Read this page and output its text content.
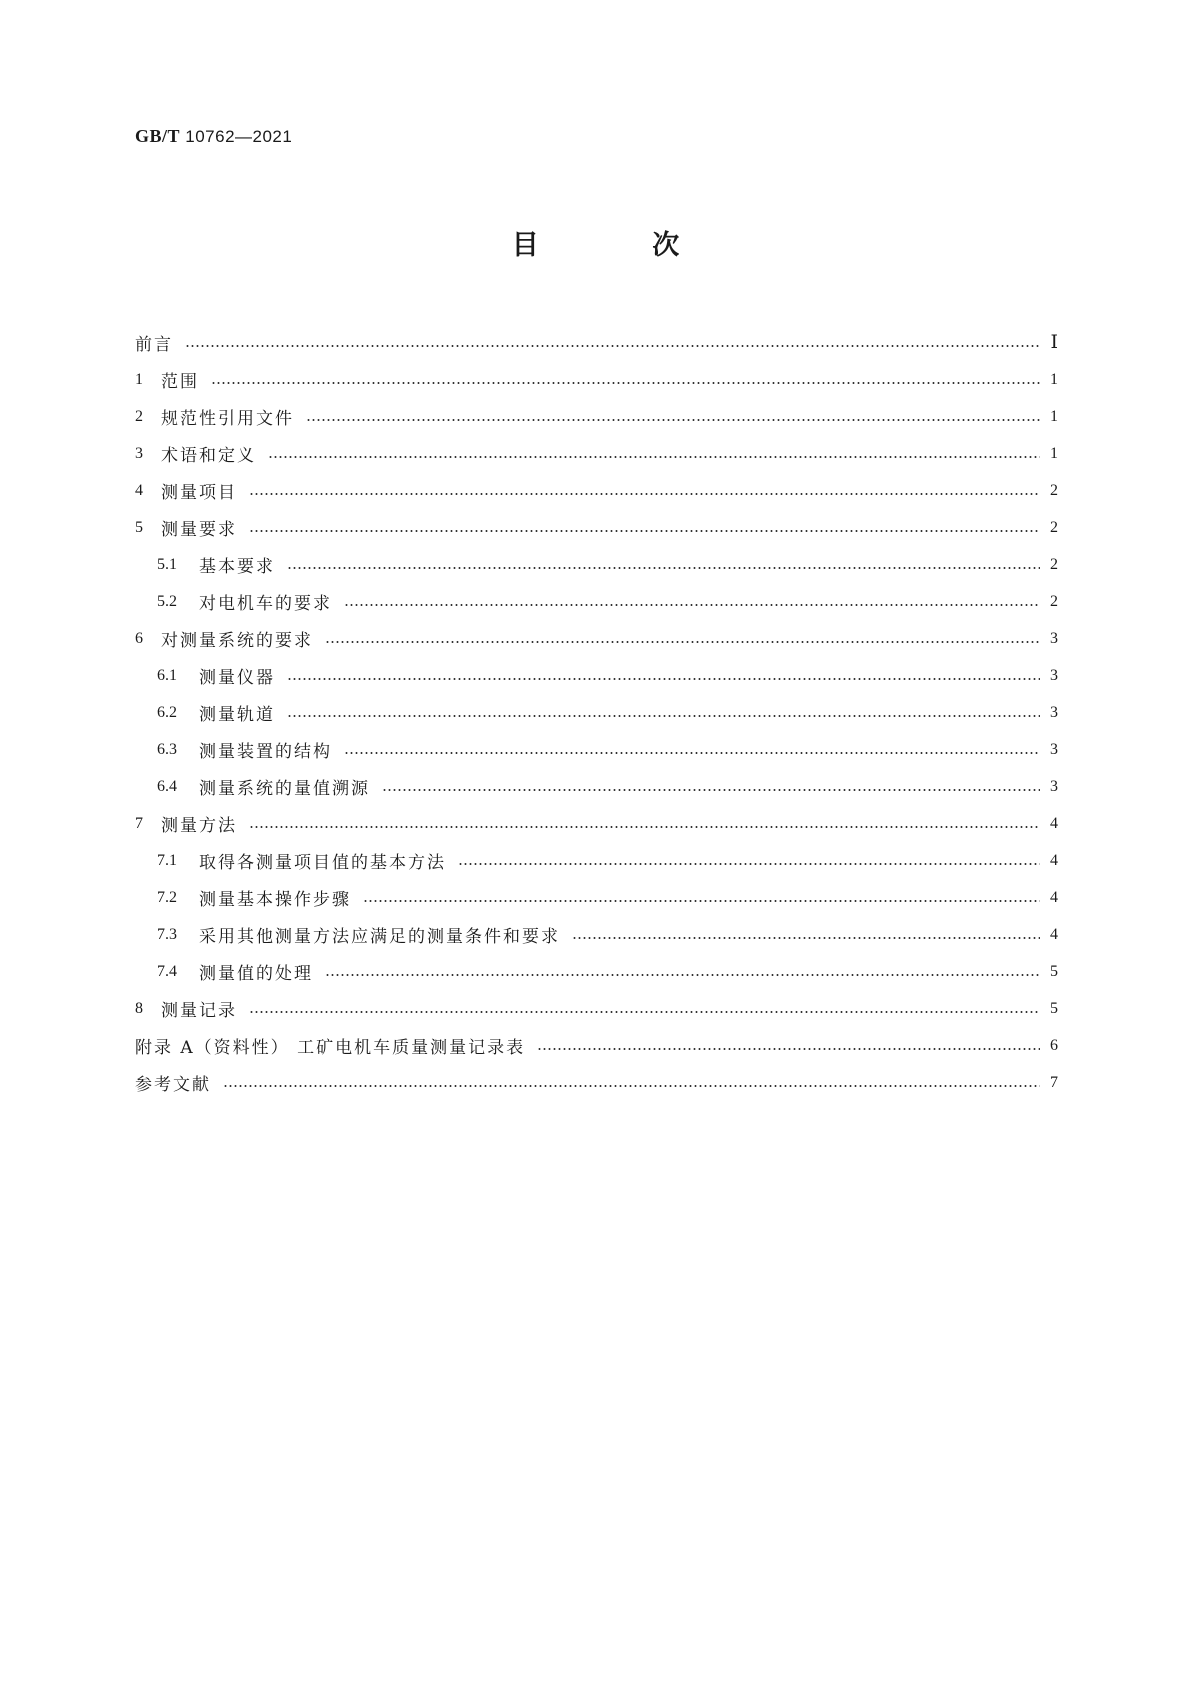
GB/T 10762—2021
目 次
前言	Ⅰ
1 范围	1
2 规范性引用文件	1
3 术语和定义	1
4 测量项目	2
5 测量要求	2
5.1 基本要求	2
5.2 对电机车的要求	2
6 对测量系统的要求	3
6.1 测量仪器	3
6.2 测量轨道	3
6.3 测量装置的结构	3
6.4 测量系统的量值溯源	3
7 测量方法	4
7.1 取得各测量项目值的基本方法	4
7.2 测量基本操作步骤	4
7.3 采用其他测量方法应满足的测量条件和要求	4
7.4 测量值的处理	5
8 测量记录	5
附录 A（资料性） 工矿电机车质量测量记录表	6
参考文献	7
